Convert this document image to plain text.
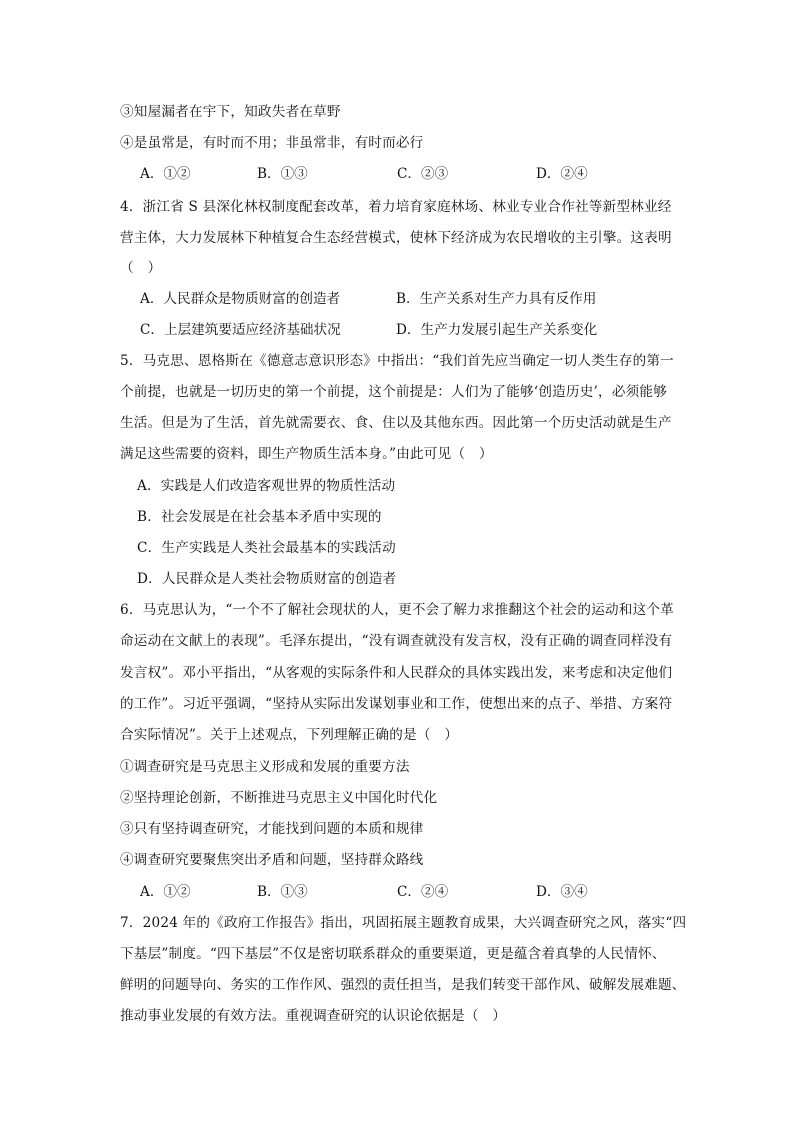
③知屋漏者在宇下，知政失者在草野
④是虽常是，有时而不用；非虽常非，有时而必行
A．①②	B．①③	C．②③	D．②④
4．浙江省 S 县深化林权制度配套改革，着力培育家庭林场、林业专业合作社等新型林业经
营主体，大力发展林下种植复合生态经营模式，使林下经济成为农民增收的主引擎。这表明
（　）
A．人民群众是物质财富的创造者	B．生产关系对生产力具有反作用
C．上层建筑要适应经济基础状况	D．生产力发展引起生产关系变化
5．马克思、恩格斯在《德意志意识形态》中指出：“我们首先应当确定一切人类生存的第一
个前提，也就是一切历史的第一个前提，这个前提是：人们为了能够‘创造历史’，必须能够
生活。但是为了生活，首先就需要衣、食、住以及其他东西。因此第一个历史活动就是生产
满足这些需要的资料，即生产物质生活本身。”由此可见（　）
A．实践是人们改造客观世界的物质性活动
B．社会发展是在社会基本矛盾中实现的
C．生产实践是人类社会最基本的实践活动
D．人民群众是人类社会物质财富的创造者
6．马克思认为，“一个不了解社会现状的人，更不会了解力求推翻这个社会的运动和这个革
命运动在文献上的表现”。毛泽东提出，“没有调查就没有发言权，没有正确的调查同样没有
发言权”。邓小平指出，“从客观的实际条件和人民群众的具体实践出发，来考虑和决定他们
的工作”。习近平强调，“坚持从实际出发谋划事业和工作，使想出来的点子、举措、方案符
合实际情况”。关于上述观点，下列理解正确的是（　）
①调查研究是马克思主义形成和发展的重要方法
②坚持理论创新，不断推进马克思主义中国化时代化
③只有坚持调查研究，才能找到问题的本质和规律
④调查研究要聚焦突出矛盾和问题，坚持群众路线
A．①②	B．①③	C．②④	D．③④
7．2024 年的《政府工作报告》指出，巩固拓展主题教育成果，大兴调查研究之风，落实“四
下基层”制度。“四下基层”不仅是密切联系群众的重要渠道，更是蕴含着真挚的人民情怀、
鲜明的问题导向、务实的工作作风、强烈的责任担当，是我们转变干部作风、破解发展难题、
推动事业发展的有效方法。重视调查研究的认识论依据是（　）
